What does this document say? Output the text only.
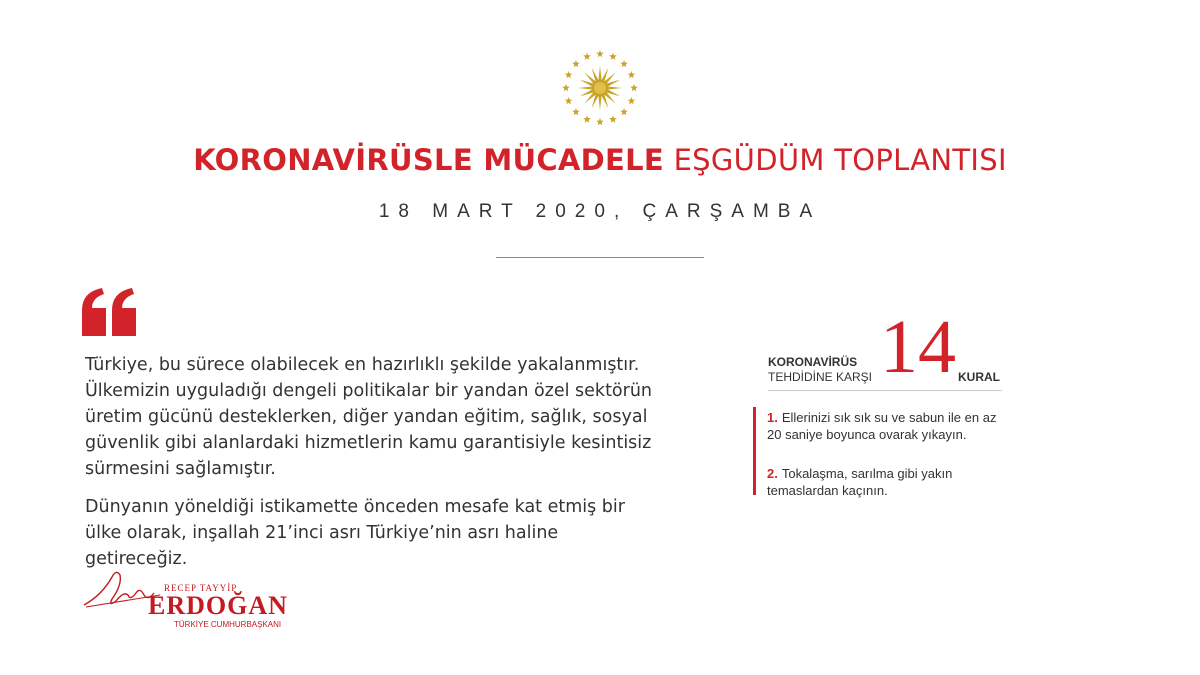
KORONAVİRÜSLE MÜCADELE EŞGÜDÜM TOPLANTISI
18 MART 2020, ÇARŞAMBA

Türkiye, bu sürece olabilecek en hazırlıklı şekilde yakalanmıştır. Ülkemizin uyguladığı dengeli politikalar bir yandan özel sektörün üretim gücünü desteklerken, diğer yandan eğitim, sağlık, sosyal güvenlik gibi alanlardaki hizmetlerin kamu garantisiyle kesintisiz sürmesini sağlamıştır.

Dünyanın yöneldiği istikamette önceden mesafe kat etmiş bir ülke olarak, inşallah 21’inci asrı Türkiye’nin asrı haline getireceğiz.

RECEP TAYYİP
ERDOĞAN
TÜRKİYE CUMHURBAŞKANI
KORONAVİRÜS
TEHDİDİNE KARŞI 14 KURAL
1. Ellerinizi sık sık su ve sabun ile en az 20 saniye boyunca ovarak yıkayın.
2. Tokalaşma, sarılma gibi yakın temaslardan kaçının.
